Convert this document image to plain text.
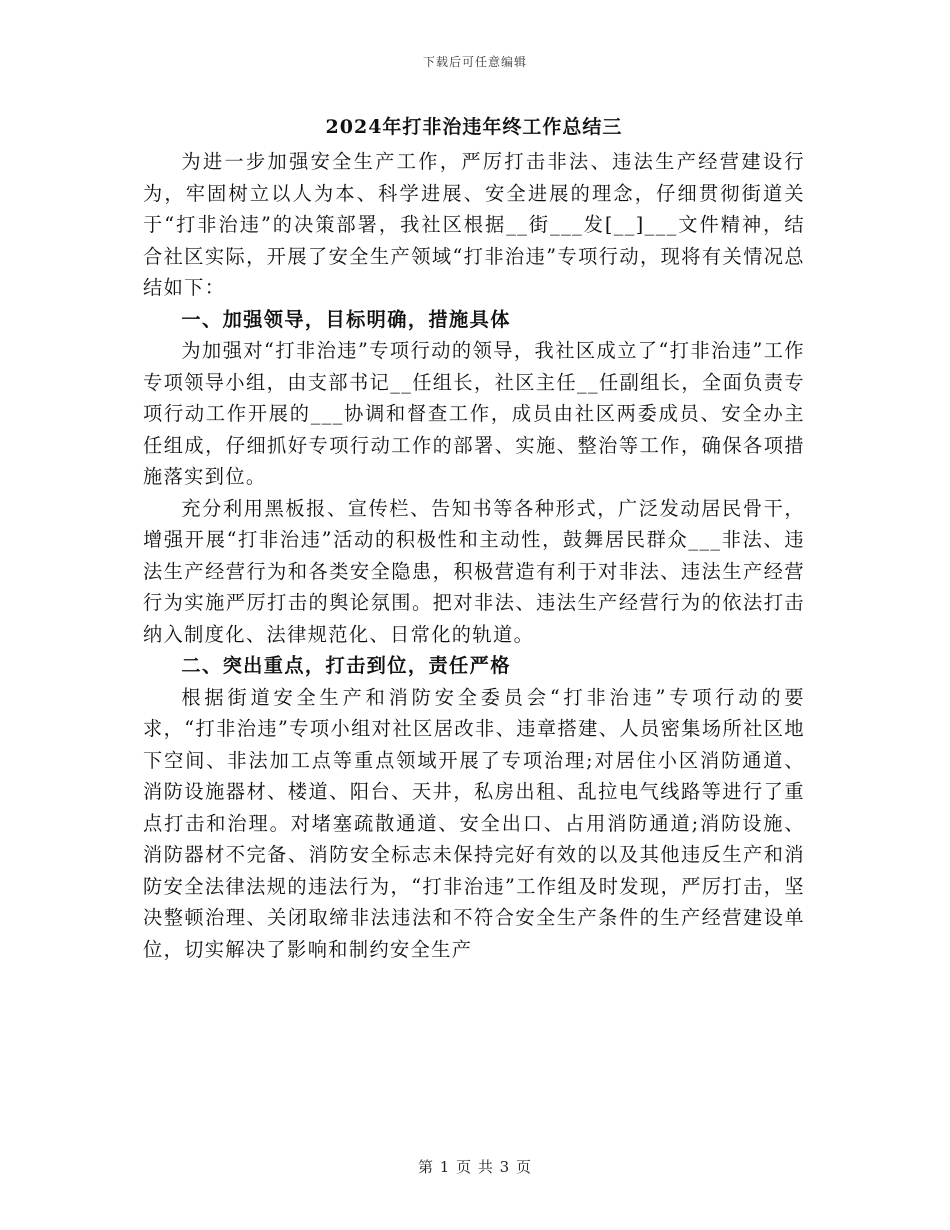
下载后可任意编辑
2024年打非治违年终工作总结三

为进一步加强安全生产工作，严厉打击非法、违法生产经营建设行为，牢固树立以人为本、科学进展、安全进展的理念，仔细贯彻街道关于“打非治违”的决策部署，我社区根据__街___发[__]___文件精神，结合社区实际，开展了安全生产领域“打非治违”专项行动，现将有关情况总结如下：

一、加强领导，目标明确，措施具体

为加强对“打非治违”专项行动的领导，我社区成立了“打非治违”工作专项领导小组，由支部书记__任组长，社区主任__任副组长，全面负责专项行动工作开展的___协调和督查工作，成员由社区两委成员、安全办主任组成，仔细抓好专项行动工作的部署、实施、整治等工作，确保各项措施落实到位。

充分利用黑板报、宣传栏、告知书等各种形式，广泛发动居民骨干，增强开展“打非治违”活动的积极性和主动性，鼓舞居民群众___非法、违法生产经营行为和各类安全隐患，积极营造有利于对非法、违法生产经营行为实施严厉打击的舆论氛围。把对非法、违法生产经营行为的依法打击纳入制度化、法律规范化、日常化的轨道。

二、突出重点，打击到位，责任严格

根据街道安全生产和消防安全委员会“打非治违”专项行动的要求，“打非治违”专项小组对社区居改非、违章搭建、人员密集场所社区地下空间、非法加工点等重点领域开展了专项治理;对居住小区消防通道、消防设施器材、楼道、阳台、天井，私房出租、乱拉电气线路等进行了重点打击和治理。对堵塞疏散通道、安全出口、占用消防通道;消防设施、消防器材不完备、消防安全标志未保持完好有效的以及其他违反生产和消防安全法律法规的违法行为，“打非治违”工作组及时发现，严厉打击，坚决整顿治理、关闭取缔非法违法和不符合安全生产条件的生产经营建设单位，切实解决了影响和制约安全生产

第 1 页 共 3 页
